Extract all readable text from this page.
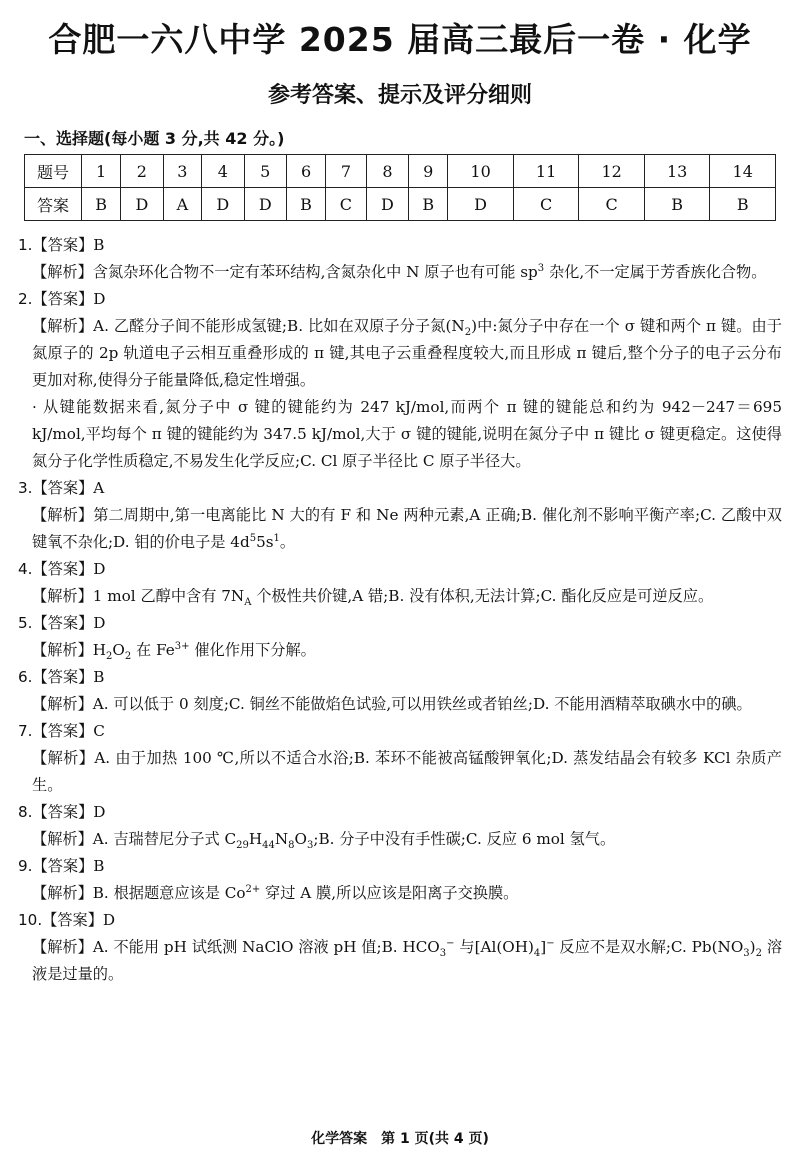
合肥一六八中学 2025 届高三最后一卷 · 化学
参考答案、提示及评分细则
一、选择题(每小题 3 分,共 42 分。)
题号	1	2	3	4	5	6	7	8	9	10	11	12	13	14
答案	B	D	A	D	D	B	C	D	B	D	C	C	B	B

1.【答案】B

【解析】含氮杂环化合物不一定有苯环结构,含氮杂化中 N 原子也有可能 $sp^3$ 杂化,不一定属于芳香族化合物。

2.【答案】D

【解析】A. 乙醛分子间不能形成氢键;B. 比如在双原子分子氮$(N_2)$中:氮分子中存在一个 σ 键和两个 π 键。由于氮原子的 2p 轨道电子云相互重叠形成的 π 键,其电子云重叠程度较大,而且形成 π 键后,整个分子的电子云分布更加对称,使得分子能量降低,稳定性增强。

· 从键能数据来看,氮分子中 σ 键的键能约为 247 kJ/mol,而两个 π 键的键能总和约为 942－247＝695 kJ/mol,平均每个 π 键的键能约为 347.5 kJ/mol,大于 σ 键的键能,说明在氮分子中 π 键比 σ 键更稳定。这使得氮分子化学性质稳定,不易发生化学反应;C. Cl 原子半径比 C 原子半径大。

3.【答案】A

【解析】第二周期中,第一电离能比 N 大的有 F 和 Ne 两种元素,A 正确;B. 催化剂不影响平衡产率;C. 乙酸中双键氧不杂化;D. 钼的价电子是 $4d^55s^1$。

4.【答案】D

【解析】1 mol 乙醇中含有 $7N_A$ 个极性共价键,A 错;B. 没有体积,无法计算;C. 酯化反应是可逆反应。

5.【答案】D

【解析】$H_2O_2$ 在 $Fe^{3+}$ 催化作用下分解。

6.【答案】B

【解析】A. 可以低于 0 刻度;C. 铜丝不能做焰色试验,可以用铁丝或者铂丝;D. 不能用酒精萃取碘水中的碘。

7.【答案】C

【解析】A. 由于加热 100 ℃,所以不适合水浴;B. 苯环不能被高锰酸钾氧化;D. 蒸发结晶会有较多 KCl 杂质产生。

8.【答案】D

【解析】A. 吉瑞替尼分子式 $C_{29}H_{44}N_8O_3;B$. 分子中没有手性碳;C. 反应 6 mol 氢气。

9.【答案】B

【解析】B. 根据题意应该是 $Co^{2+}$ 穿过 A 膜,所以应该是阳离子交换膜。

10.【答案】D

【解析】A. 不能用 pH 试纸测 NaClO 溶液 pH 值;B. $HCO_3^-$ 与$[Al(OH)_4]^-$ 反应不是双水解;C. $Pb(NO_3)_2$ 溶液是过量的。

化学答案　第 1 页(共 4 页)
